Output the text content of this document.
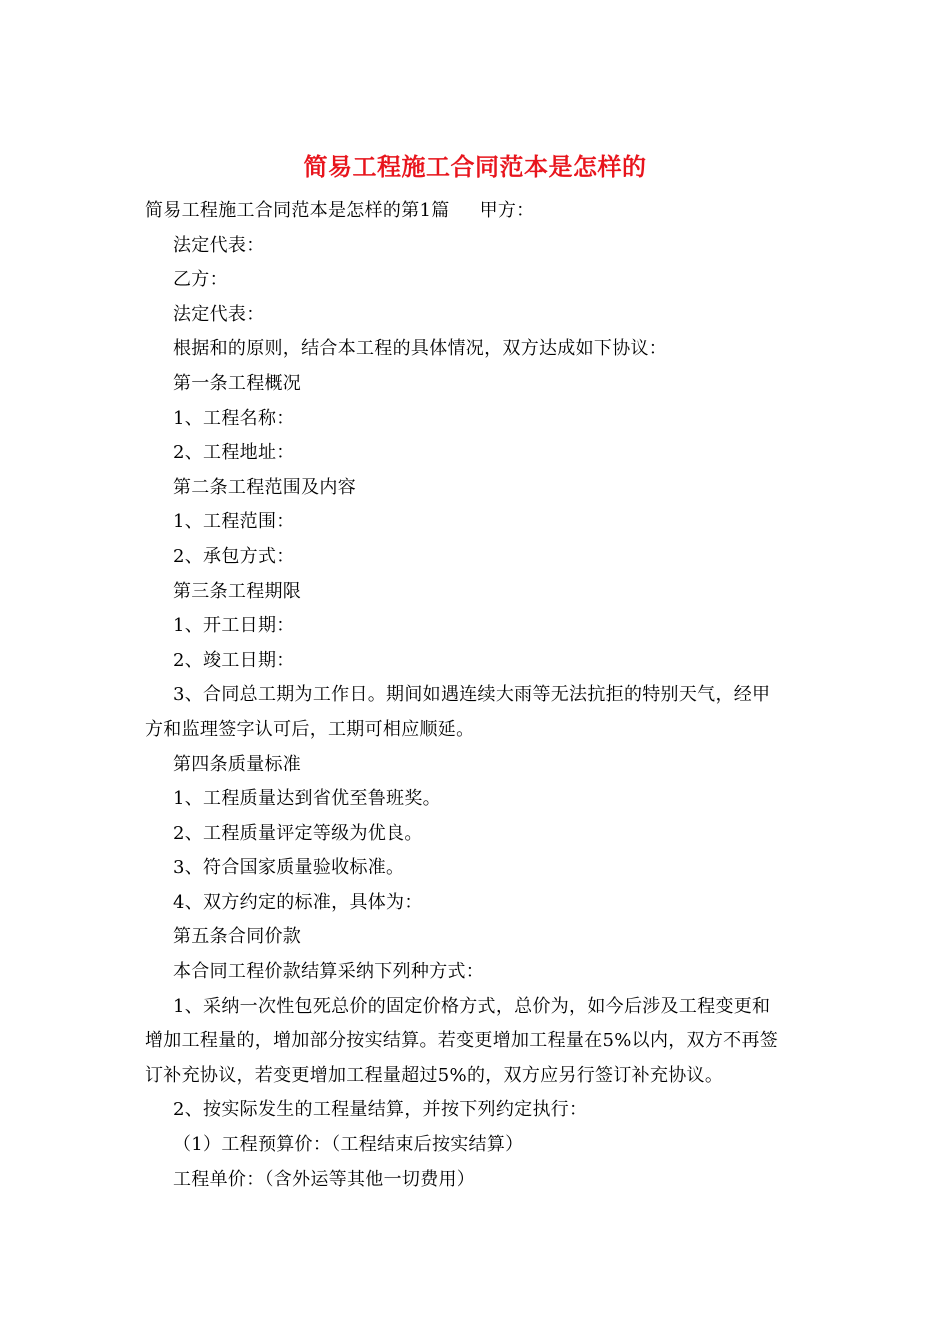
简易工程施工合同范本是怎样的
简易工程施工合同范本是怎样的第1篇 甲方：
法定代表：
乙方：
法定代表：
根据和的原则，结合本工程的具体情况，双方达成如下协议：
第一条工程概况
1、工程名称：
2、工程地址：
第二条工程范围及内容
1、工程范围：
2、承包方式：
第三条工程期限
1、开工日期：
2、竣工日期：
3、合同总工期为工作日。期间如遇连续大雨等无法抗拒的特别天气，经甲
方和监理签字认可后，工期可相应顺延。
第四条质量标准
1、工程质量达到省优至鲁班奖。
2、工程质量评定等级为优良。
3、符合国家质量验收标准。
4、双方约定的标准，具体为：
第五条合同价款
本合同工程价款结算采纳下列种方式：
1、采纳一次性包死总价的固定价格方式，总价为，如今后涉及工程变更和
增加工程量的，增加部分按实结算。若变更增加工程量在5%以内，双方不再签
订补充协议，若变更增加工程量超过5%的，双方应另行签订补充协议。
2、按实际发生的工程量结算，并按下列约定执行：
（1）工程预算价：（工程结束后按实结算）
工程单价：（含外运等其他一切费用）
